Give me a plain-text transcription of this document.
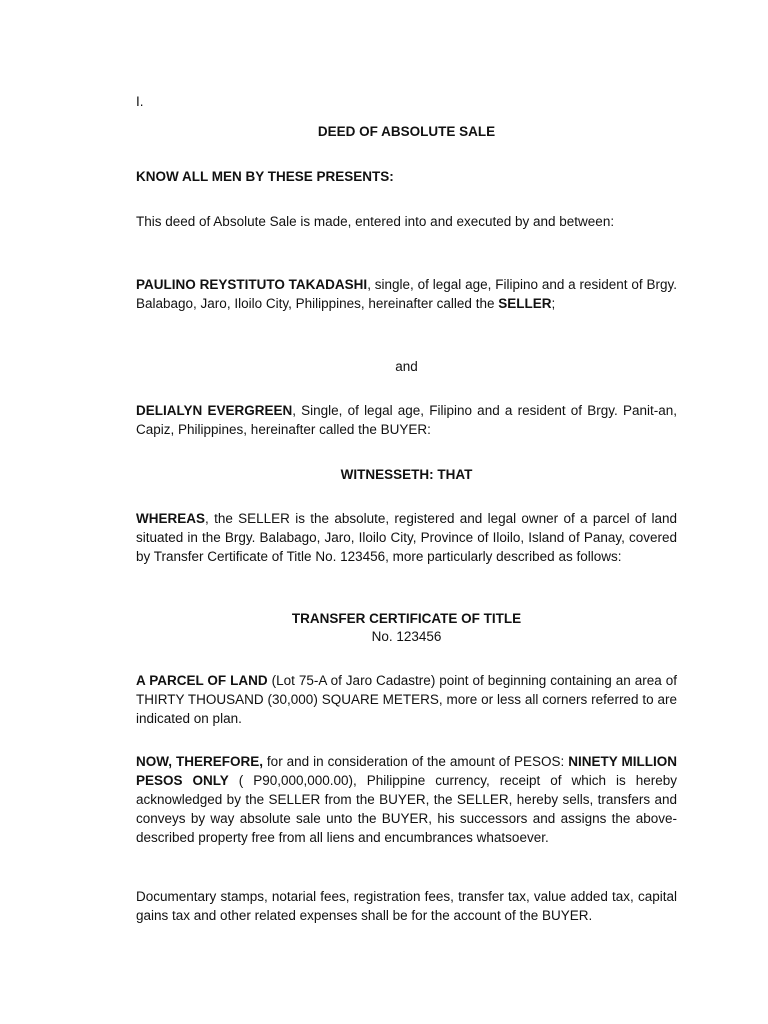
I.

DEED OF ABSOLUTE SALE

KNOW ALL MEN BY THESE PRESENTS:

This deed of Absolute Sale is made, entered into and executed by and between:

PAULINO REYSTITUTO TAKADASHI, single, of legal age, Filipino and a resident of Brgy. Balabago, Jaro, Iloilo City, Philippines, hereinafter called the SELLER;

and

DELIALYN EVERGREEN, Single, of legal age, Filipino and a resident of Brgy. Panit-an, Capiz, Philippines, hereinafter called the BUYER:

WITNESSETH: THAT

WHEREAS, the SELLER is the absolute, registered and legal owner of a parcel of land situated in the Brgy. Balabago, Jaro, Iloilo City, Province of Iloilo, Island of Panay, covered by Transfer Certificate of Title No. 123456, more particularly described as follows:

TRANSFER CERTIFICATE OF TITLE

No. 123456

A PARCEL OF LAND (Lot 75-A of Jaro Cadastre) point of beginning containing an area of THIRTY THOUSAND (30,000) SQUARE METERS, more or less all corners referred to are indicated on plan.

NOW, THEREFORE, for and in consideration of the amount of PESOS: NINETY MILLION PESOS ONLY ( P90,000,000.00), Philippine currency, receipt of which is hereby acknowledged by the SELLER from the BUYER, the SELLER, hereby sells, transfers and conveys by way absolute sale unto the BUYER, his successors and assigns the above-described property free from all liens and encumbrances whatsoever.

Documentary stamps, notarial fees, registration fees, transfer tax, value added tax, capital gains tax and other related expenses shall be for the account of the BUYER.
